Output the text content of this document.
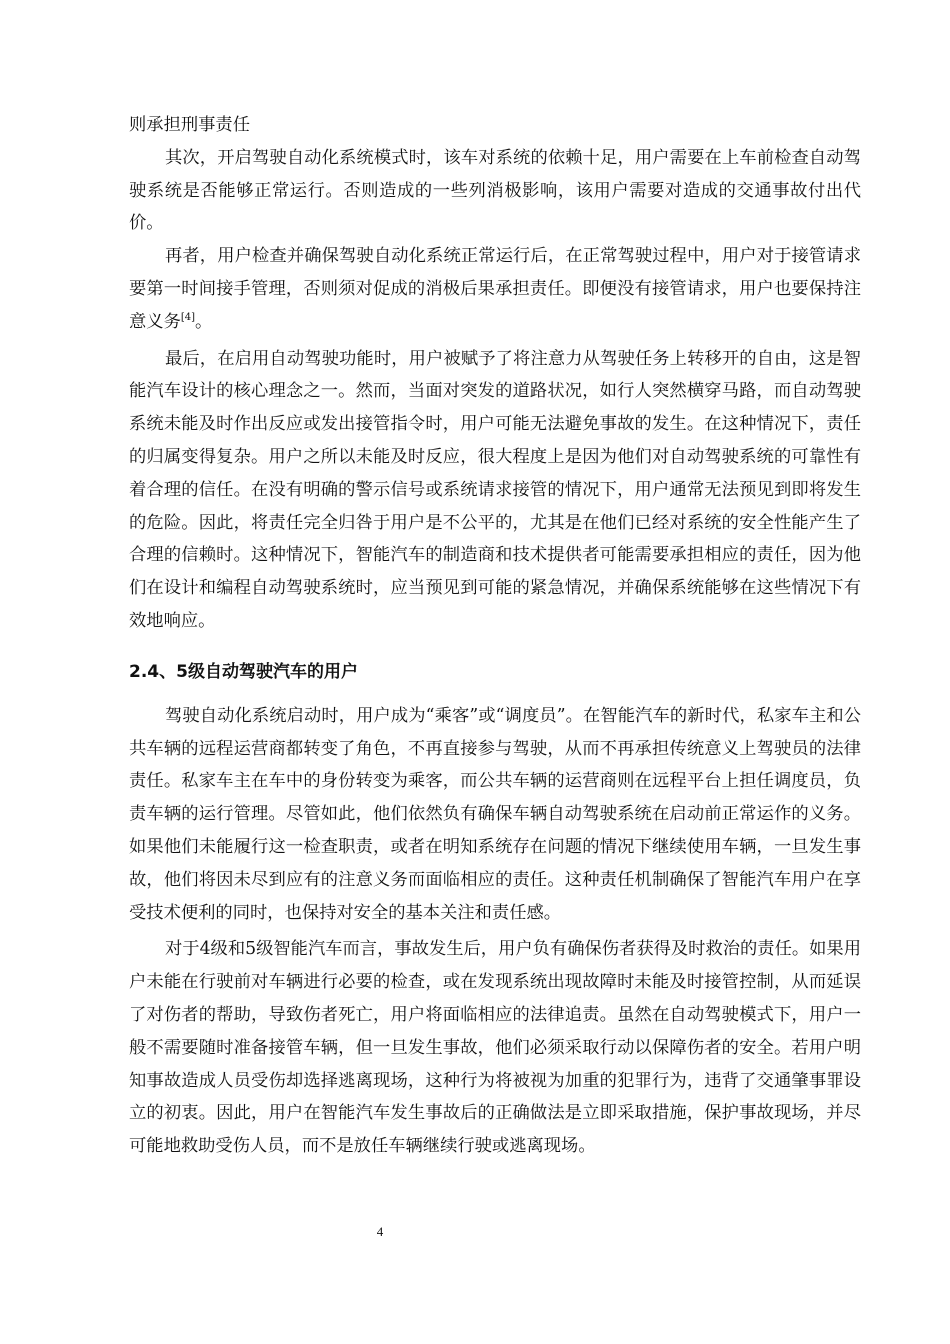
则承担刑事责任

其次，开启驾驶自动化系统模式时，该车对系统的依赖十足，用户需要在上车前检查自动驾驶系统是否能够正常运行。否则造成的一些列消极影响，该用户需要对造成的交通事故付出代价。

再者，用户检查并确保驾驶自动化系统正常运行后，在正常驾驶过程中，用户对于接管请求要第一时间接手管理，否则须对促成的消极后果承担责任。即便没有接管请求，用户也要保持注意义务[4]。

最后，在启用自动驾驶功能时，用户被赋予了将注意力从驾驶任务上转移开的自由，这是智能汽车设计的核心理念之一。然而，当面对突发的道路状况，如行人突然横穿马路，而自动驾驶系统未能及时作出反应或发出接管指令时，用户可能无法避免事故的发生。在这种情况下，责任的归属变得复杂。用户之所以未能及时反应，很大程度上是因为他们对自动驾驶系统的可靠性有着合理的信任。在没有明确的警示信号或系统请求接管的情况下，用户通常无法预见到即将发生的危险。因此，将责任完全归咎于用户是不公平的，尤其是在他们已经对系统的安全性能产生了合理的信赖时。这种情况下，智能汽车的制造商和技术提供者可能需要承担相应的责任，因为他们在设计和编程自动驾驶系统时，应当预见到可能的紧急情况，并确保系统能够在这些情况下有效地响应。

2.4、5级自动驾驶汽车的用户

驾驶自动化系统启动时，用户成为“乘客”或“调度员”。在智能汽车的新时代，私家车主和公共车辆的远程运营商都转变了角色，不再直接参与驾驶，从而不再承担传统意义上驾驶员的法律责任。私家车主在车中的身份转变为乘客，而公共车辆的运营商则在远程平台上担任调度员，负责车辆的运行管理。尽管如此，他们依然负有确保车辆自动驾驶系统在启动前正常运作的义务。如果他们未能履行这一检查职责，或者在明知系统存在问题的情况下继续使用车辆，一旦发生事故，他们将因未尽到应有的注意义务而面临相应的责任。这种责任机制确保了智能汽车用户在享受技术便利的同时，也保持对安全的基本关注和责任感。

对于4级和5级智能汽车而言，事故发生后，用户负有确保伤者获得及时救治的责任。如果用户未能在行驶前对车辆进行必要的检查，或在发现系统出现故障时未能及时接管控制，从而延误了对伤者的帮助，导致伤者死亡，用户将面临相应的法律追责。虽然在自动驾驶模式下，用户一般不需要随时准备接管车辆，但一旦发生事故，他们必须采取行动以保障伤者的安全。若用户明知事故造成人员受伤却选择逃离现场，这种行为将被视为加重的犯罪行为，违背了交通肇事罪设立的初衷。因此，用户在智能汽车发生事故后的正确做法是立即采取措施，保护事故现场，并尽可能地救助受伤人员，而不是放任车辆继续行驶或逃离现场。

4
